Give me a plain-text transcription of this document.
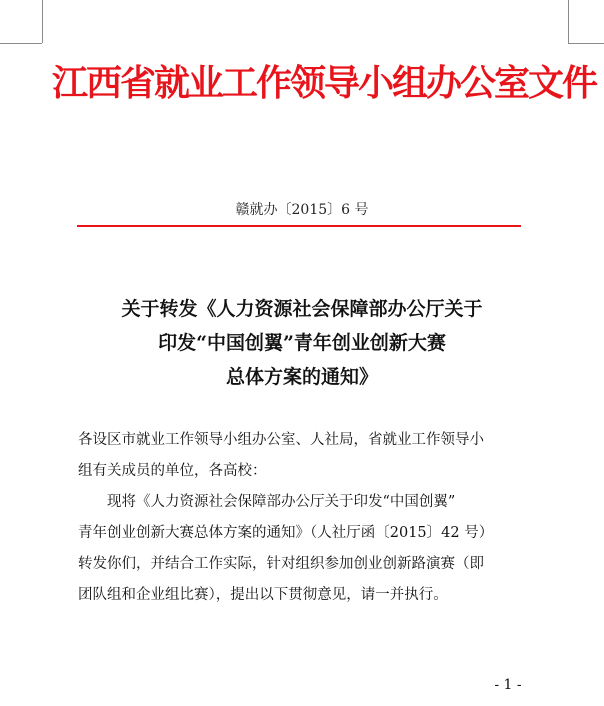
江西省就业工作领导小组办公室文件
赣就办〔2015〕6 号
关于转发《人力资源社会保障部办公厅关于
印发“中国创翼”青年创业创新大赛
总体方案的通知》
各设区市就业工作领导小组办公室、人社局，省就业工作领导小
组有关成员的单位，各高校：
现将《人力资源社会保障部办公厅关于印发“中国创翼”
青年创业创新大赛总体方案的通知》（人社厅函〔2015〕42 号）
转发你们，并结合工作实际，针对组织参加创业创新路演赛（即
团队组和企业组比赛），提出以下贯彻意见，请一并执行。
- 1 -
